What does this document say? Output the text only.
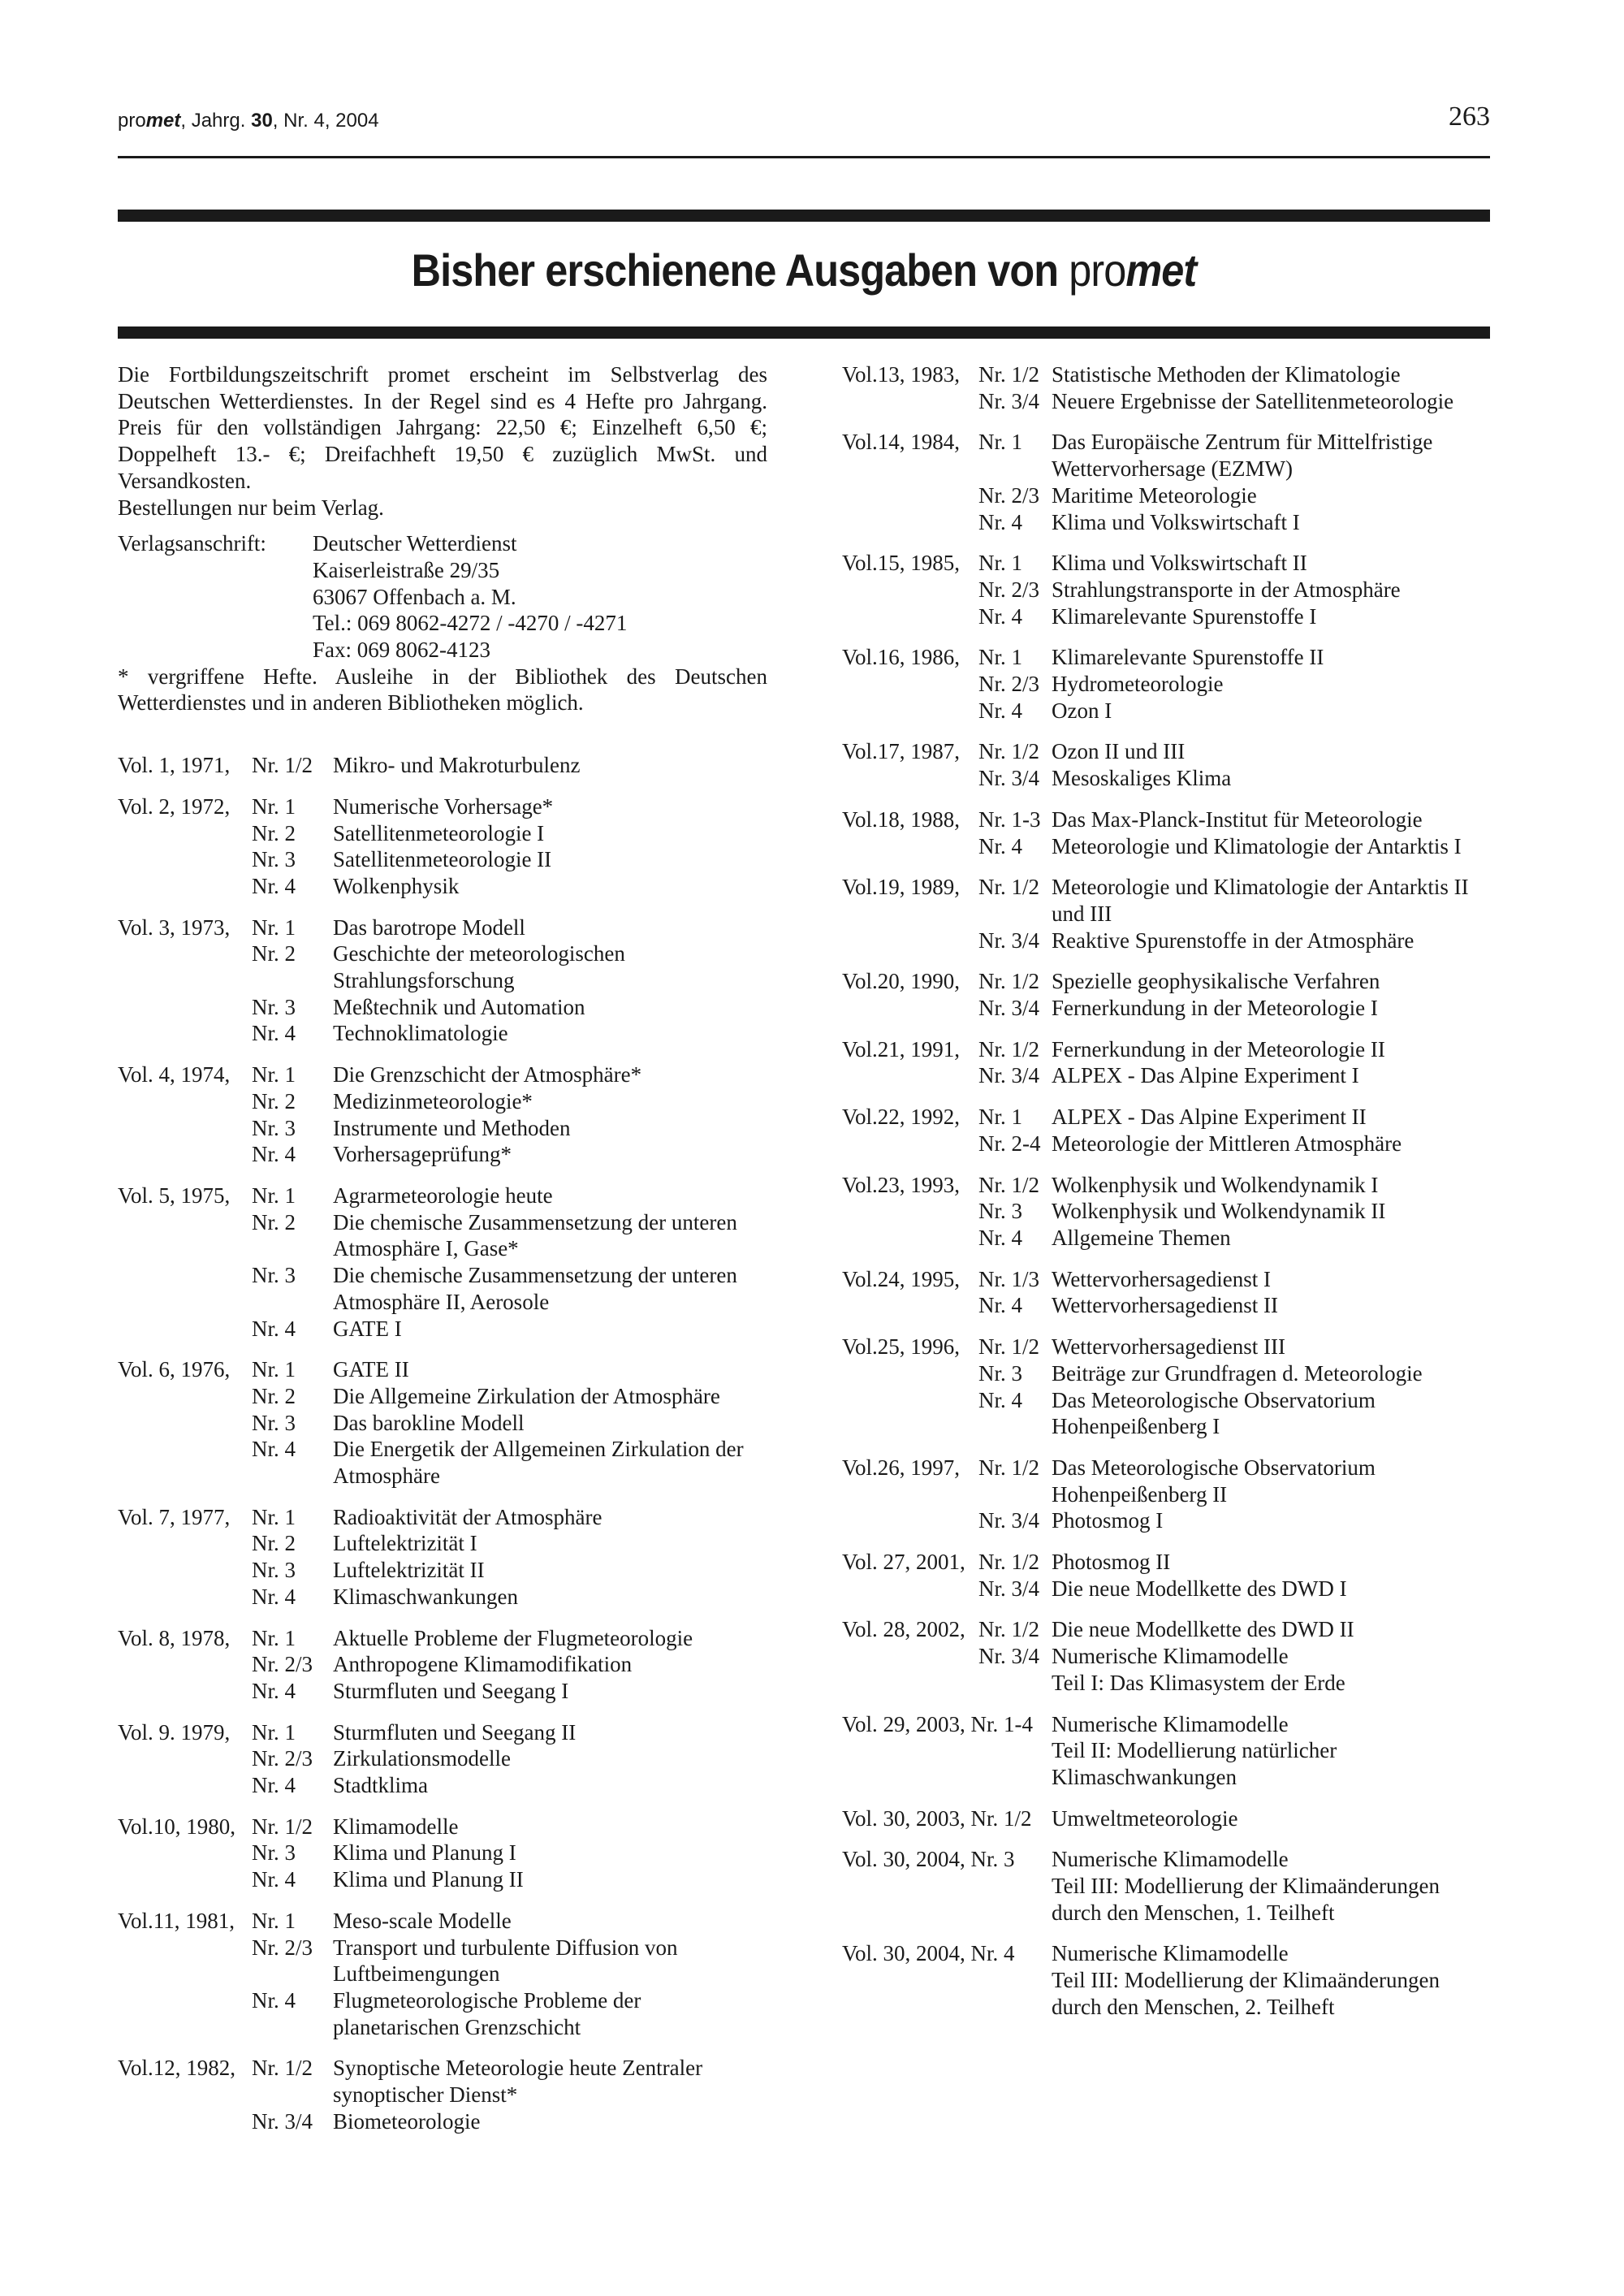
promet, Jahrg. 30, Nr. 4, 2004	263
Bisher erschienene Ausgaben von promet

Die Fortbildungszeitschrift promet erscheint im Selbstverlag des Deutschen Wetterdienstes. In der Regel sind es 4 Hefte pro Jahrgang. Preis für den vollständigen Jahrgang: 22,50 €; Einzelheft 6,50 €; Doppelheft 13.- €; Dreifachheft 19,50 € zuzüglich MwSt. und Versandkosten.

Bestellungen nur beim Verlag.

Verlagsanschrift:	Deutscher Wetterdienst
Kaiserleistraße 29/35
63067 Offenbach a. M.
Tel.: 069 8062-4272 / -4270 / -4271
Fax: 069 8062-4123

* vergriffene Hefte. Ausleihe in der Bibliothek des Deutschen Wetterdienstes und in anderen Bibliotheken möglich.

Vol. 1, 1971, Nr. 1/2 Mikro- und Makroturbulenz
Vol. 2, 1972, Nr. 1	Numerische Vorhersage*
Nr. 2	Satellitenmeteorologie I
Nr. 3	Satellitenmeteorologie II
Nr. 4	Wolkenphysik
Vol. 3, 1973, Nr. 1	Das barotrope Modell
Nr. 2	Geschichte der meteorologischen Strahlungsforschung
Nr. 3	Meßtechnik und Automation
Nr. 4	Technoklimatologie
Vol. 4, 1974, Nr. 1	Die Grenzschicht der Atmosphäre*
Nr. 2	Medizinmeteorologie*
Nr. 3	Instrumente und Methoden
Nr. 4	Vorhersageprüfung*
Vol. 5, 1975, Nr. 1	Agrarmeteorologie heute
Nr. 2	Die chemische Zusammensetzung der unteren Atmosphäre I, Gase*
Nr. 3	Die chemische Zusammensetzung der unteren Atmosphäre II, Aerosole
Nr. 4	GATE I
Vol. 6, 1976, Nr. 1	GATE II
Nr. 2	Die Allgemeine Zirkulation der Atmosphäre
Nr. 3	Das barokline Modell
Nr. 4	Die Energetik der Allgemeinen Zirkulation der Atmosphäre
Vol. 7, 1977, Nr. 1	Radioaktivität der Atmosphäre
Nr. 2	Luftelektrizität I
Nr. 3	Luftelektrizität II
Nr. 4	Klimaschwankungen
Vol. 8, 1978, Nr. 1	Aktuelle Probleme der Flugmeteorologie
Nr. 2/3 Anthropogene Klimamodifikation
Nr. 4	Sturmfluten und Seegang I
Vol. 9. 1979, Nr. 1	Sturmfluten und Seegang II
Nr. 2/3 Zirkulationsmodelle
Nr. 4	Stadtklima
Vol.10, 1980, Nr. 1/2 Klimamodelle
Nr. 3	Klima und Planung I
Nr. 4	Klima und Planung II
Vol.11, 1981, Nr. 1	Meso-scale Modelle
Nr. 2/3 Transport und turbulente Diffusion von Luftbeimengungen
Nr. 4	Flugmeteorologische Probleme der planetarischen Grenzschicht
Vol.12, 1982, Nr. 1/2 Synoptische Meteorologie heute Zentraler synoptischer Dienst*
Nr. 3/4 Biometeorologie
Vol.13, 1983, Nr. 1/2 Statistische Methoden der Klimatologie
Nr. 3/4 Neuere Ergebnisse der Satellitenmeteorologie
Vol.14, 1984, Nr. 1	Das Europäische Zentrum für Mittelfristige Wettervorhersage (EZMW)
Nr. 2/3 Maritime Meteorologie
Nr. 4	Klima und Volkswirtschaft I
Vol.15, 1985, Nr. 1	Klima und Volkswirtschaft II
Nr. 2/3 Strahlungstransporte in der Atmosphäre
Nr. 4	Klimarelevante Spurenstoffe I
Vol.16, 1986, Nr. 1	Klimarelevante Spurenstoffe II
Nr. 2/3 Hydrometeorologie
Nr. 4	Ozon I
Vol.17, 1987, Nr. 1/2 Ozon II und III
Nr. 3/4 Mesoskaliges Klima
Vol.18, 1988, Nr. 1-3 Das Max-Planck-Institut für Meteorologie
Nr. 4	Meteorologie und Klimatologie der Antarktis I
Vol.19, 1989, Nr. 1/2 Meteorologie und Klimatologie der Antarktis II und III
Nr. 3/4 Reaktive Spurenstoffe in der Atmosphäre
Vol.20, 1990, Nr. 1/2 Spezielle geophysikalische Verfahren
Nr. 3/4 Fernerkundung in der Meteorologie I
Vol.21, 1991, Nr. 1/2 Fernerkundung in der Meteorologie II
Nr. 3/4 ALPEX - Das Alpine Experiment I
Vol.22, 1992, Nr. 1	ALPEX - Das Alpine Experiment II
Nr. 2-4 Meteorologie der Mittleren Atmosphäre
Vol.23, 1993, Nr. 1/2 Wolkenphysik und Wolkendynamik I
Nr. 3	Wolkenphysik und Wolkendynamik II
Nr. 4	Allgemeine Themen
Vol.24, 1995, Nr. 1/3 Wettervorhersagedienst I
Nr. 4	Wettervorhersagedienst II
Vol.25, 1996, Nr. 1/2 Wettervorhersagedienst III
Nr. 3	Beiträge zur Grundfragen d. Meteorologie
Nr. 4	Das Meteorologische Observatorium Hohenpeißenberg I
Vol.26, 1997, Nr. 1/2 Das Meteorologische Observatorium Hohenpeißenberg II
Nr. 3/4 Photosmog I
Vol. 27, 2001, Nr. 1/2 Photosmog II
Nr. 3/4 Die neue Modellkette des DWD I
Vol. 28, 2002, Nr. 1/2 Die neue Modellkette des DWD II
Nr. 3/4 Numerische Klimamodelle
Teil I: Das Klimasystem der Erde
Vol. 29, 2003, Nr. 1-4 Numerische Klimamodelle
Teil II: Modellierung natürlicher Klimaschwankungen
Vol. 30, 2003, Nr. 1/2 Umweltmeteorologie
Vol. 30, 2004, Nr. 3	Numerische Klimamodelle
Teil III: Modellierung der Klimaänderungen durch den Menschen, 1. Teilheft
Vol. 30, 2004, Nr. 4	Numerische Klimamodelle
Teil III: Modellierung der Klimaänderungen durch den Menschen, 2. Teilheft
